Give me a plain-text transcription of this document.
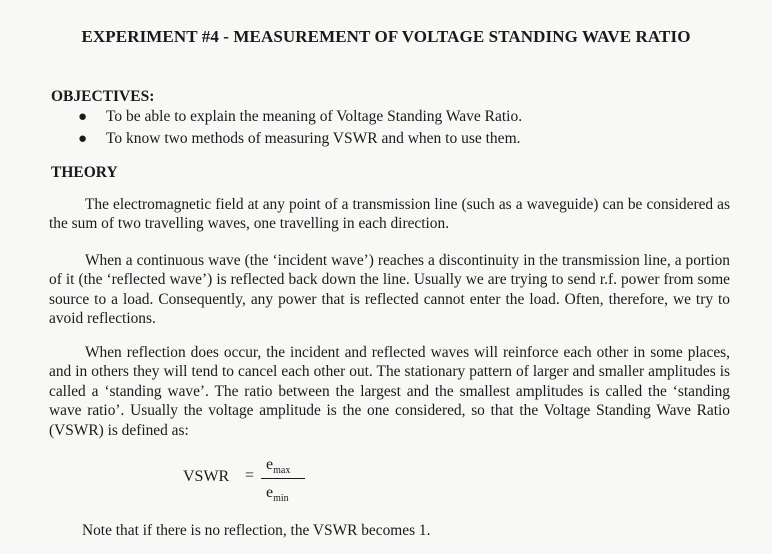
EXPERIMENT #4 - MEASUREMENT OF VOLTAGE STANDING WAVE RATIO
OBJECTIVES:
● To be able to explain the meaning of Voltage Standing Wave Ratio.
● To know two methods of measuring VSWR and when to use them.
THEORY

The electromagnetic field at any point of a transmission line (such as a waveguide) can be considered as the sum of two travelling waves, one travelling in each direction.

When a continuous wave (the ‘incident wave’) reaches a discontinuity in the transmission line, a portion of it (the ‘reflected wave’) is reflected back down the line. Usually we are trying to send r.f. power from some source to a load. Consequently, any power that is reflected cannot enter the load. Often, therefore, we try to avoid reflections.

When reflection does occur, the incident and reflected waves will reinforce each other in some places, and in others they will tend to cancel each other out. The stationary pattern of larger and smaller amplitudes is called a ‘standing wave’. The ratio between the largest and the smallest amplitudes is called the ‘standing wave ratio’. Usually the voltage amplitude is the one considered, so that the Voltage Standing Wave Ratio (VSWR) is defined as:

VSWR =
$e_{max}$
$e_{min}$
Note that if there is no reflection, the VSWR becomes 1.
